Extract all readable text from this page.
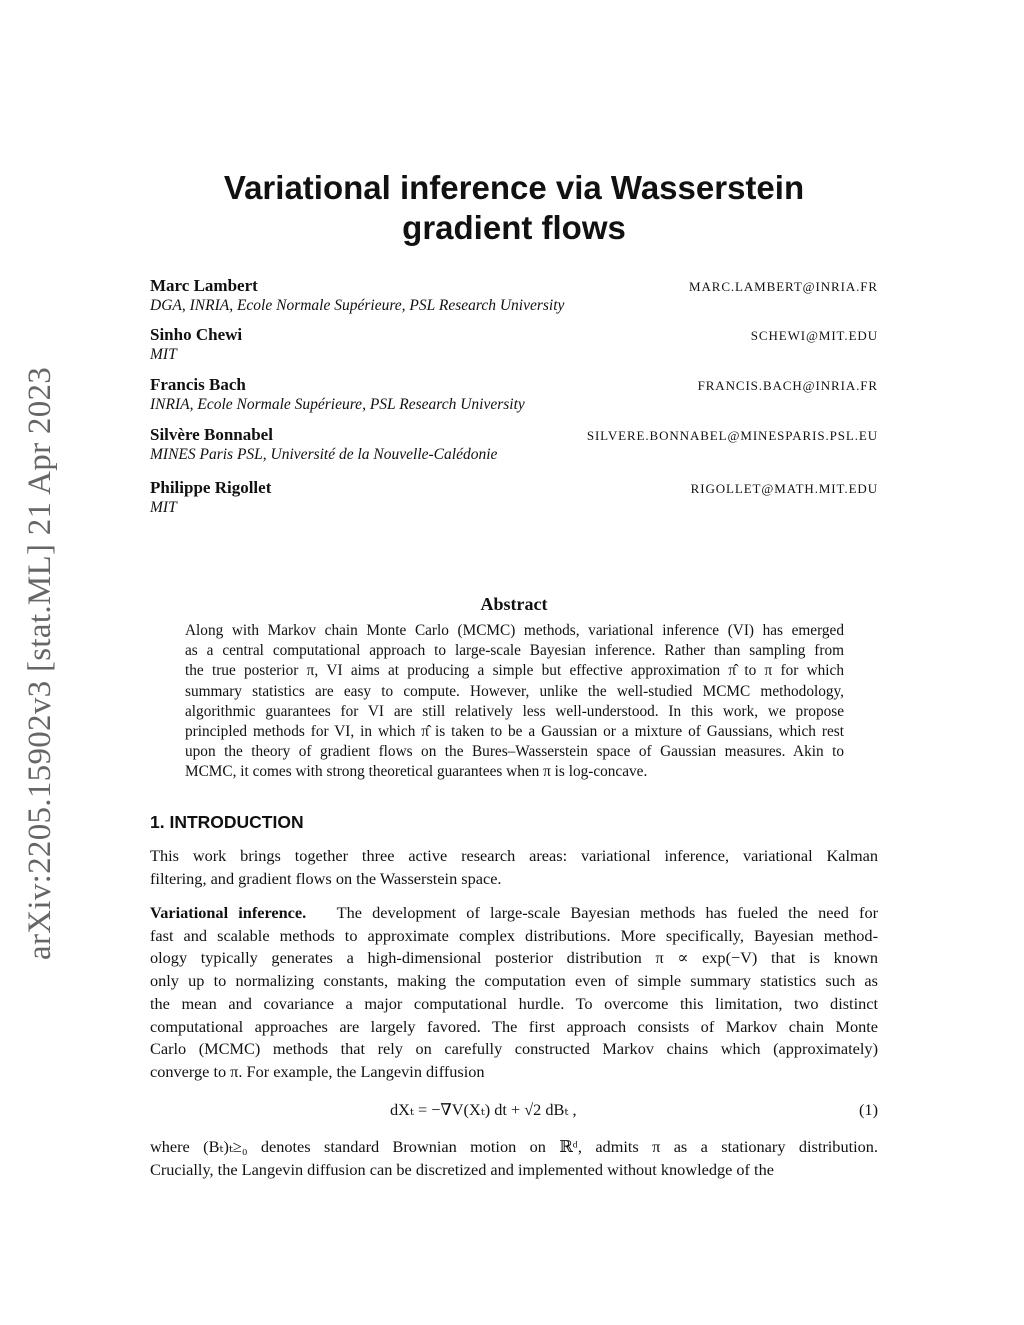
arXiv:2205.15902v3 [stat.ML] 21 Apr 2023
Variational inference via Wasserstein
gradient flows
Marc Lambert
DGA, INRIA, Ecole Normale Supérieure, PSL Research University
MARC.LAMBERT@INRIA.FR
Sinho Chewi
MIT
SCHEWI@MIT.EDU
Francis Bach
INRIA, Ecole Normale Supérieure, PSL Research University
FRANCIS.BACH@INRIA.FR
Silvère Bonnabel
MINES Paris PSL, Université de la Nouvelle-Calédonie
SILVERE.BONNABEL@MINESPARIS.PSL.EU
Philippe Rigollet
MIT
RIGOLLET@MATH.MIT.EDU
Abstract
Along with Markov chain Monte Carlo (MCMC) methods, variational inference (VI) has emerged
as a central computational approach to large-scale Bayesian inference. Rather than sampling from
the true posterior π, VI aims at producing a simple but effective approximation π̂ to π for which
summary statistics are easy to compute. However, unlike the well-studied MCMC methodology,
algorithmic guarantees for VI are still relatively less well-understood. In this work, we propose
principled methods for VI, in which π̂ is taken to be a Gaussian or a mixture of Gaussians, which rest
upon the theory of gradient flows on the Bures–Wasserstein space of Gaussian measures. Akin to
MCMC, it comes with strong theoretical guarantees when π is log-concave.
1. INTRODUCTION
This work brings together three active research areas: variational inference, variational Kalman
filtering, and gradient flows on the Wasserstein space.
Variational inference. The development of large-scale Bayesian methods has fueled the need for
fast and scalable methods to approximate complex distributions. More specifically, Bayesian method-
ology typically generates a high-dimensional posterior distribution π ∝ exp(−V) that is known
only up to normalizing constants, making the computation even of simple summary statistics such as
the mean and covariance a major computational hurdle. To overcome this limitation, two distinct
computational approaches are largely favored. The first approach consists of Markov chain Monte
Carlo (MCMC) methods that rely on carefully constructed Markov chains which (approximately)
converge to π. For example, the Langevin diffusion
dXₜ = −∇V(Xₜ) dt + √2 dBₜ ,	(1)
where (Bₜ)ₜ≥₀ denotes standard Brownian motion on ℝᵈ, admits π as a stationary distribution.
Crucially, the Langevin diffusion can be discretized and implemented without knowledge of the
